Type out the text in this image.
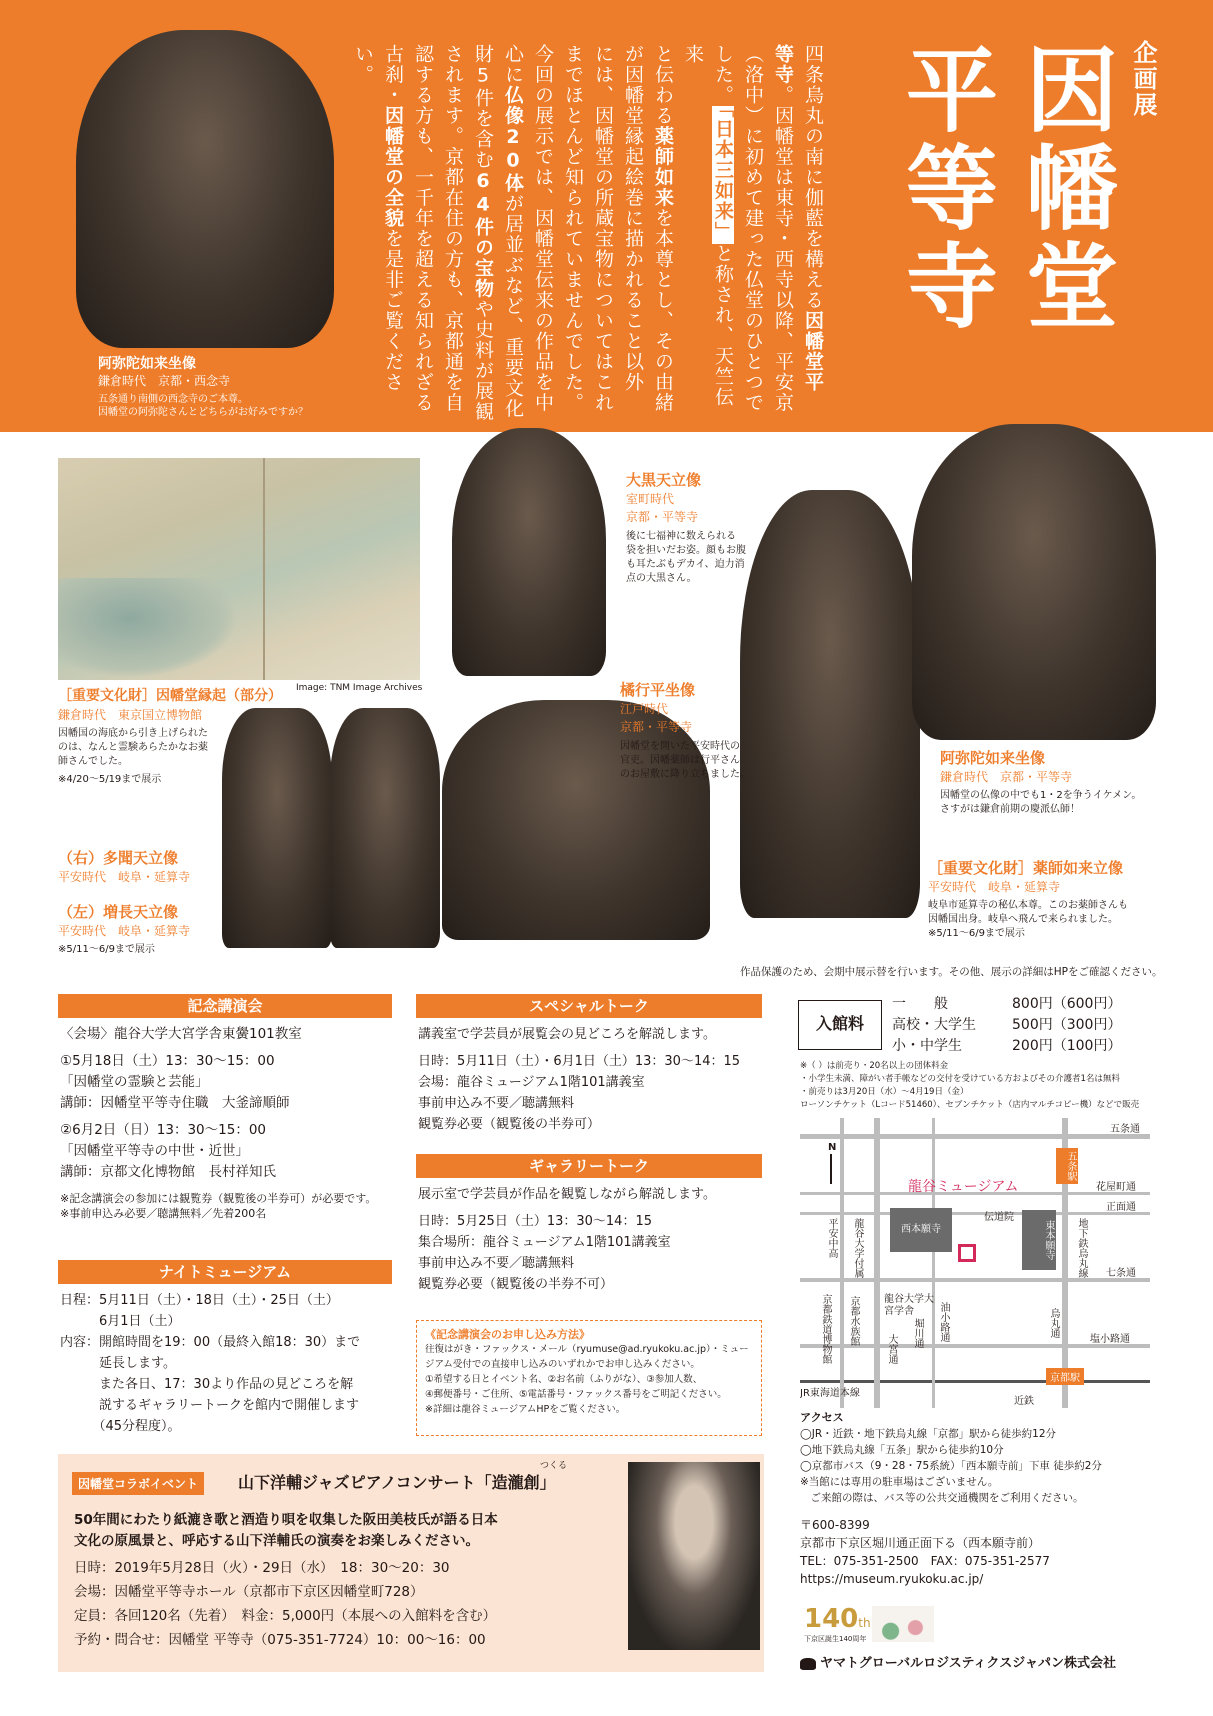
阿弥陀如来坐像
鎌倉時代　京都・西念寺
五条通り南側の西念寺のご本尊。
因幡堂の阿弥陀さんとどちらがお好みですか？
企画展
因幡堂
平等寺
四条烏丸の南に伽藍を構える因幡堂平
等寺。因幡堂は東寺・西寺以降、平安京
（洛中）に初めて建った仏堂のひとつで
した。「日本三如来」と称され、天竺伝来
と伝わる薬師如来を本尊とし、その由緒
が因幡堂縁起絵巻に描かれること以外
には、因幡堂の所蔵宝物についてはこれ
までほとんど知られていませんでした。
今回の展示では、因幡堂伝来の作品を中
心に仏像20体が居並ぶなど、重要文化
財5件を含む64件の宝物や史料が展観
されます。京都在住の方も、京都通を自
認する方も、一千年を超える知られざる
古刹・因幡堂の全貌を是非ご覧ください。
Image: TNM Image Archives
［重要文化財］因幡堂縁起（部分）
鎌倉時代　東京国立博物館
因幡国の海底から引き上げられた
のは、なんと霊験あらたかなお薬
師さんでした。
※4/20～5/19まで展示
大黒天立像
室町時代
京都・平等寺
後に七福神に数えられる
袋を担いだお姿。顔もお腹
も耳たぶもデカイ、迫力消
点の大黒さん。
阿弥陀如来坐像
鎌倉時代　京都・平等寺
因幡堂の仏像の中でも1・2を争うイケメン。
さすがは鎌倉前期の慶派仏師！
橘行平坐像
江戸時代
京都・平等寺
因幡堂を開いた平安時代の
官吏。因幡薬師は行平さん
のお屋敷に降り立ちました。
（右）多聞天立像
平安時代　岐阜・延算寺
（左）増長天立像
平安時代　岐阜・延算寺
※5/11～6/9まで展示
［重要文化財］薬師如来立像
平安時代　岐阜・延算寺
岐阜市延算寺の秘仏本尊。このお薬師さんも
因幡国出身。岐阜へ飛んで来られました。
※5/11～6/9まで展示
作品保護のため、会期中展示替を行います。その他、展示の詳細はHPをご確認ください。
記念講演会
〈会場〉龍谷大学大宮学舎東黌101教室
①5月18日（土）13：30～15：00
「因幡堂の霊験と芸能」
講師：因幡堂平等寺住職　大釜諦順師
②6月2日（日）13：30～15：00
「因幡堂平等寺の中世・近世」
講師：京都文化博物館　長村祥知氏
※記念講演会の参加には観覧券（観覧後の半券可）が必要です。
※事前申込み必要／聴講無料／先着200名
ナイトミュージアム
日程：5月11日（土）・18日（土）・25日（土）
　　　6月1日（土）
内容：開館時間を19：00（最終入館18：30）まで
　　　延長します。
　　　また各日、17：30より作品の見どころを解
　　　説するギャラリートークを館内で開催します
　　　（45分程度）。
スペシャルトーク
講義室で学芸員が展覧会の見どころを解説します。
日時：5月11日（土）・6月1日（土）13：30～14：15
会場：龍谷ミュージアム1階101講義室
事前申込み不要／聴講無料
観覧券必要（観覧後の半券可）
ギャラリートーク
展示室で学芸員が作品を観覧しながら解説します。
日時：5月25日（土）13：30～14：15
集合場所：龍谷ミュージアム1階101講義室
事前申込み不要／聴講無料
観覧券必要（観覧後の半券不可）
《記念講演会のお申し込み方法》
往復はがき・ファックス・メール（ryumuse@ad.ryukoku.ac.jp）・ミュー
ジアム受付での直接申し込みのいずれかでお申し込みください。
①希望する日とイベント名、②お名前（ふりがな）、③参加人数、
④郵便番号・ご住所、⑤電話番号・ファックス番号をご明記ください。
※詳細は龍谷ミュージアムHPをご覧ください。
入館料
一　　般	800円（600円）
高校・大学生	500円（300円）
小・中学生	200円（100円）
※（ ）は前売り・20名以上の団体料金
・小学生未満、障がい者手帳などの交付を受けている方およびその介護者1名は無料
・前売りは3月20日（水）～4月19日（金）
ローソンチケット（Lコード51460）、セブンチケット（店内マルチコピー機）などで販売
西本願寺	東本願寺
龍谷ミュージアム
五条駅
京都駅
五条通
花屋町通
正面通
七条通
塩小路通
伝道院
JR東海道本線
近鉄
N
平安中高 龍谷大学付属
龍谷大学大宮学舎
地下鉄烏丸線
烏丸通
油小路通
堀川通
大宮通
京都水族館
京都鉄道博物館
アクセス
◯JR・近鉄・地下鉄烏丸線「京都」駅から徒歩約12分
◯地下鉄烏丸線「五条」駅から徒歩約10分
◯京都市バス（9・28・75系統）「西本願寺前」下車 徒歩約2分
※当館には専用の駐車場はございません。
　ご来館の際は、バス等の公共交通機関をご利用ください。
〒600-8399
京都市下京区堀川通正面下る（西本願寺前）
TEL：075-351-2500　FAX：075-351-2577
https://museum.ryukoku.ac.jp/
140th
下京区誕生140周年
ヤマトグローバルロジスティクスジャパン株式会社
因幡堂コラボイベント
つくる
山下洋輔ジャズピアノコンサート「造瀧創」
50年間にわたり紙漉き歌と酒造り唄を収集した阪田美枝氏が語る日本
文化の原風景と、呼応する山下洋輔氏の演奏をお楽しみください。
日時：2019年5月28日（火）・29日（水）　18：30～20：30
会場：因幡堂平等寺ホール（京都市下京区因幡堂町728）
定員：各回120名（先着）　料金：5,000円（本展への入館料を含む）
予約・問合せ：因幡堂 平等寺（075-351-7724）10：00～16：00
